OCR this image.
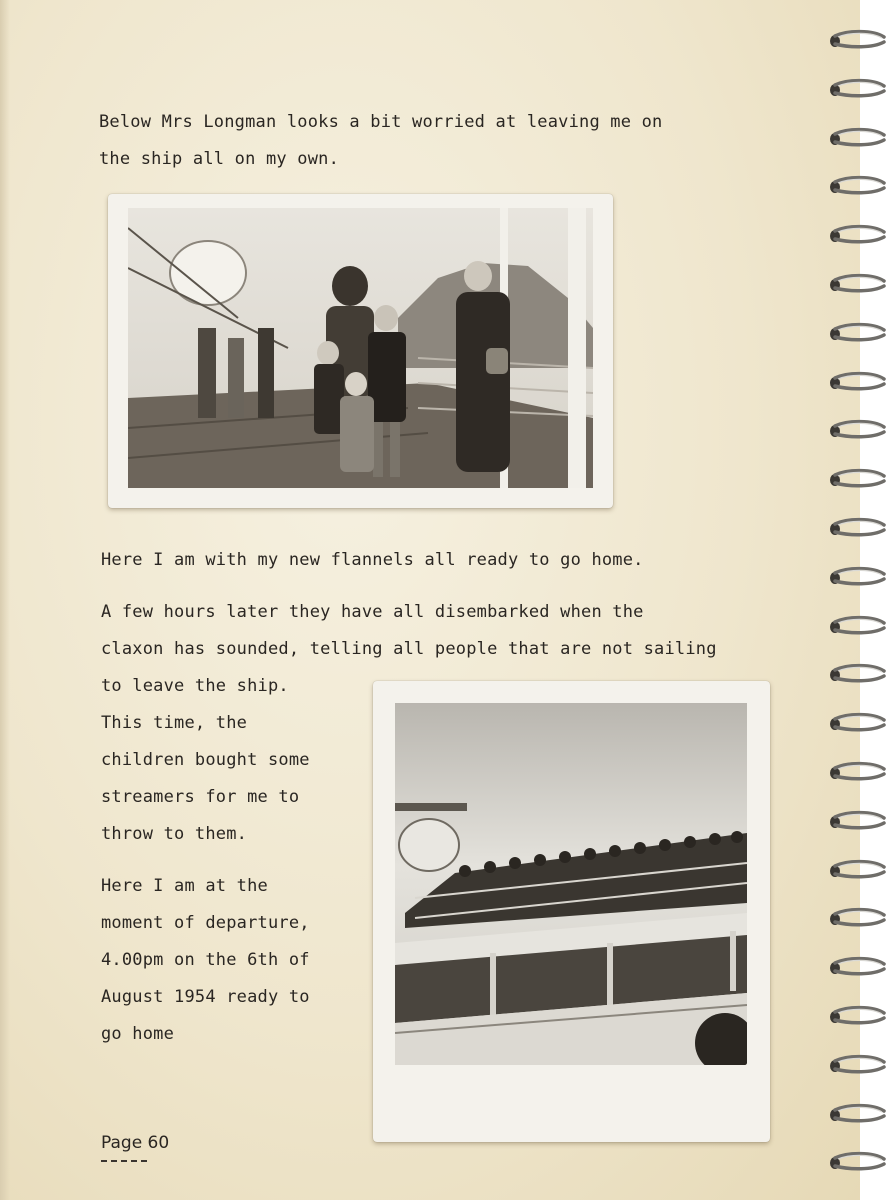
Below Mrs Longman looks a bit worried at leaving me on
the ship all on my own.

Here I am with my new flannels all ready to go home.

A few hours later they have all disembarked when the
claxon has sounded, telling all people that are not sailing
to leave the ship.
This time, the
children bought some
streamers for me to
throw to them.

Here I am at the
moment of departure,
4.00pm on the 6th of
August 1954 ready to
go home

Page 60
